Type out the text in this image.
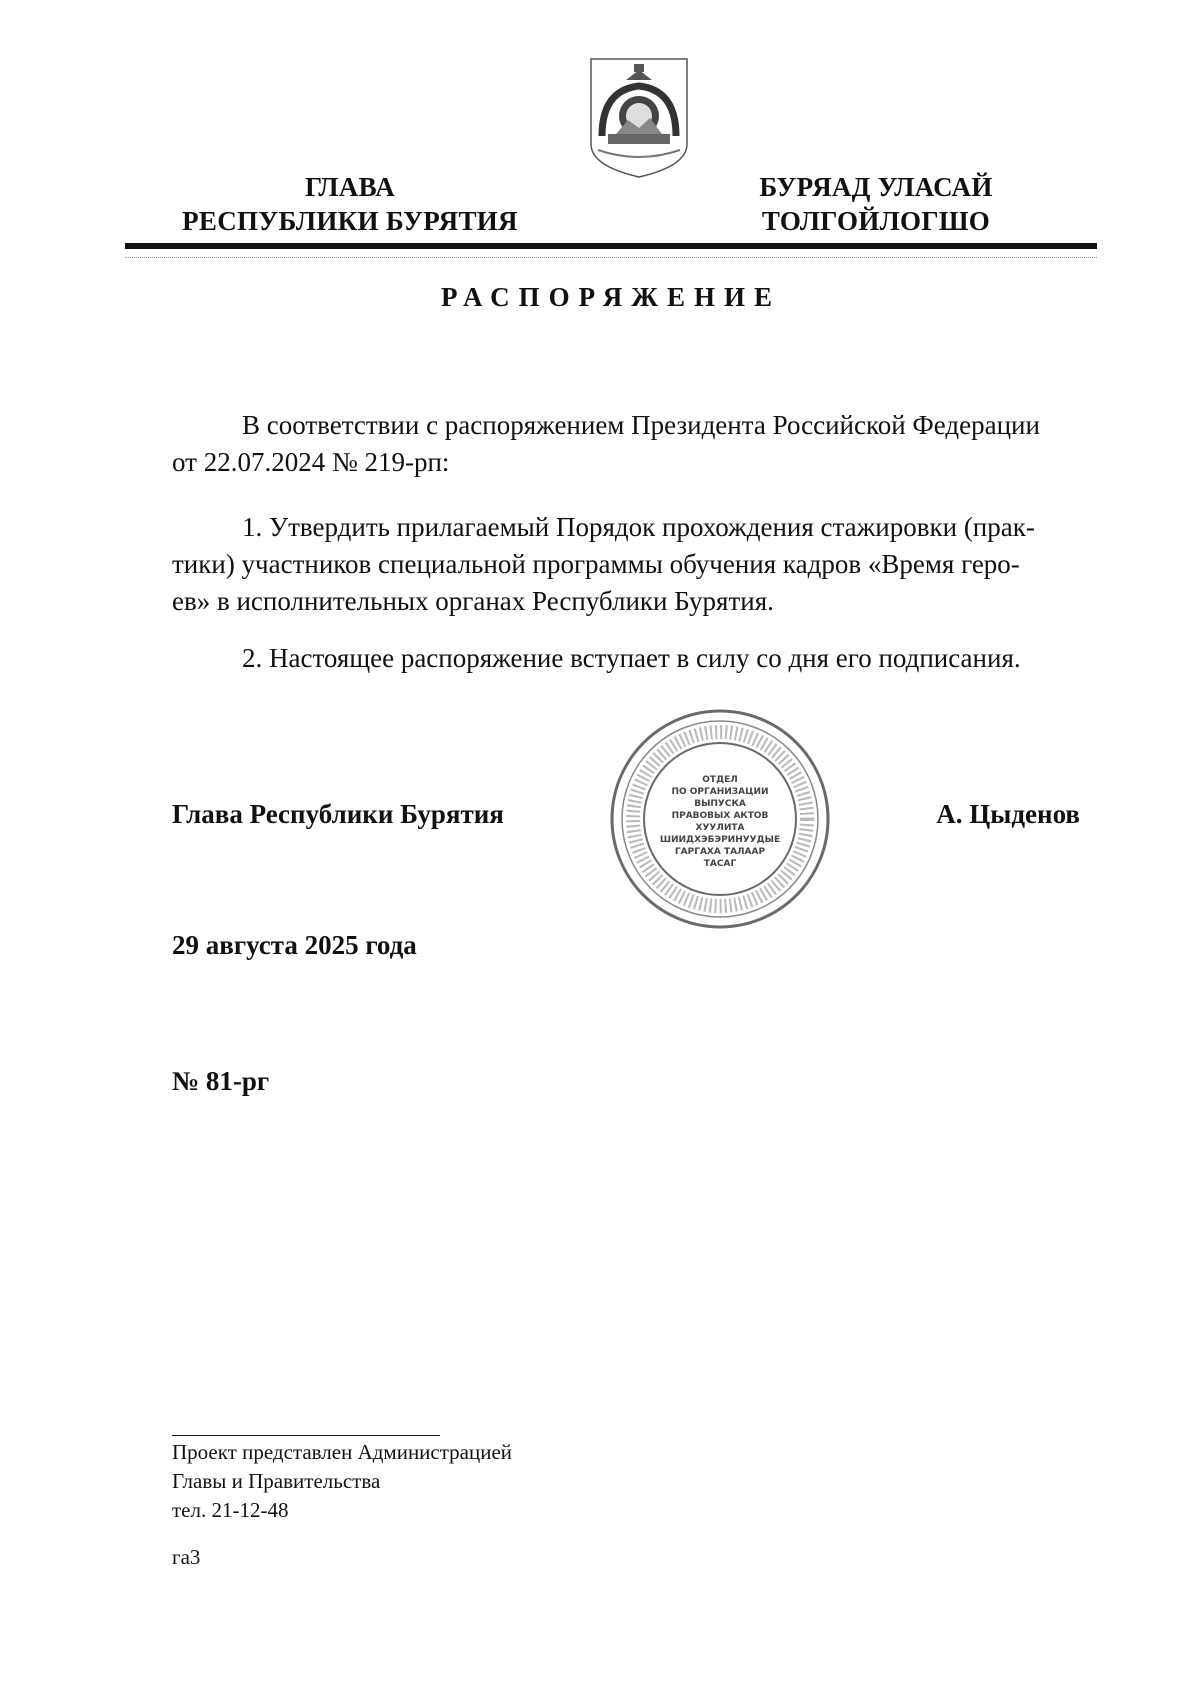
ГЛАВА
РЕСПУБЛИКИ БУРЯТИЯ
БУРЯАД УЛАСАЙ
ТОЛГОЙЛОГШО
РАСПОРЯЖЕНИЕ
В соответствии с распоряжением Президента Российской Федерации
от 22.07.2024 № 219-рп:
1. Утвердить прилагаемый Порядок прохождения стажировки (прак-
тики) участников специальной программы обучения кадров «Время геро-
ев» в исполнительных органах Республики Бурятия.
2. Настоящее распоряжение вступает в силу со дня его подписания.
Глава Республики Бурятия	А. Цыденов
ОТДЕЛ
ПО ОРГАНИЗАЦИИ
ВЫПУСКА
ПРАВОВЫХ АКТОВ
ХУУЛИТА
ШИИДХЭБЭРИНУУДЫЕ
ГАРГАХА ТАЛААР
ТАСАГ
29 августа 2025 года
№ 81-рг
Проект представлен Администрацией
Главы и Правительства
тел. 21-12-48
га3
